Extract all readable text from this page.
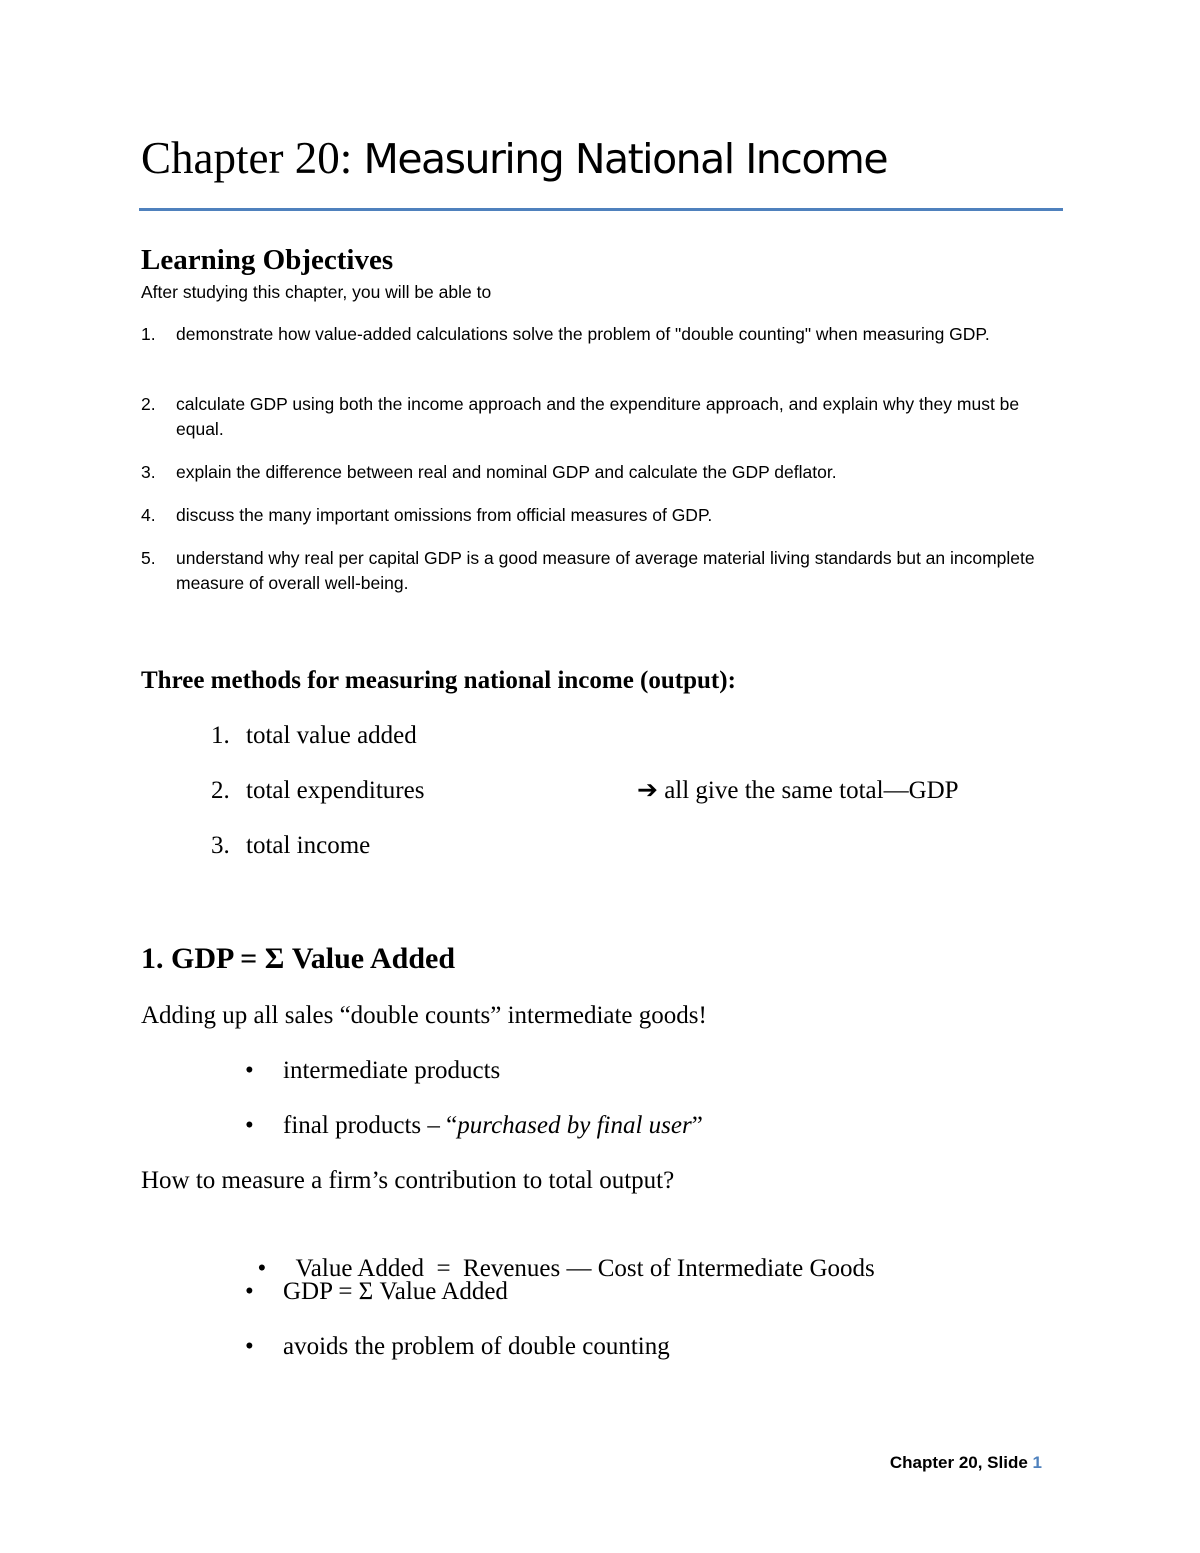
Chapter 20: Measuring National Income
Learning Objectives
After studying this chapter, you will be able to
1. demonstrate how value-added calculations solve the problem of "double counting" when measuring GDP.
2. calculate GDP using both the income approach and the expenditure approach, and explain why they must be equal.
3. explain the difference between real and nominal GDP and calculate the GDP deflator.
4. discuss the many important omissions from official measures of GDP.
5. understand why real per capital GDP is a good measure of average material living standards but an incomplete measure of overall well-being.
Three methods for measuring national income (output):
1. total value added
2. total expenditures
3. total income
➔ all give the same total—GDP
1. GDP = Σ Value Added
Adding up all sales “double counts” intermediate goods!
• intermediate products
• final products – “purchased by final user”
How to measure a firm’s contribution to total output?

• Value Added  =  Revenues — Cost of Intermediate Goods

• GDP = Σ Value Added
• avoids the problem of double counting
Chapter 20, Slide 1
